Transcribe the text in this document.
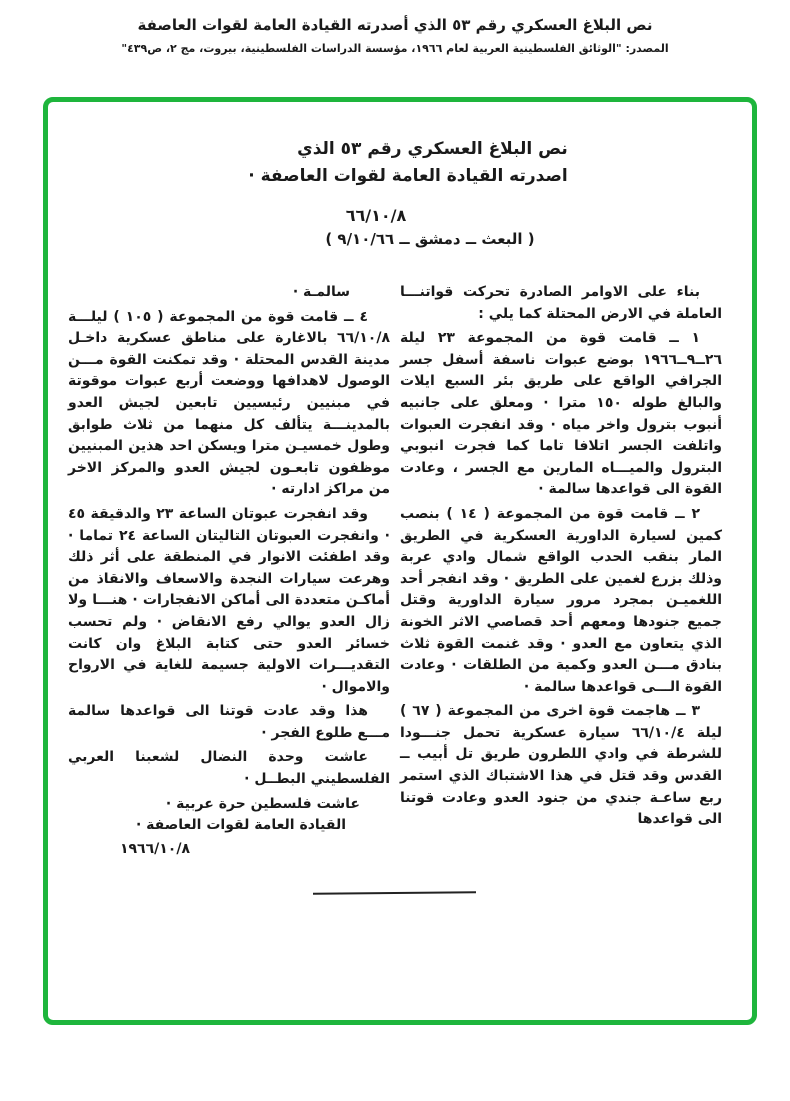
نص البلاغ العسكري رقم ٥٣ الذي أصدرته القيادة العامة لقوات العاصفة
المصدر: "الوثائق الفلسطينية العربية لعام ١٩٦٦، مؤسسة الدراسات الفلسطينية، بيروت، مج ٢، ص٤٣٩"
نص البلاغ العسكري رقم ٥٣ الذي
اصدرته القيادة العامة لقوات العاصفة ·
٦٦/١٠/٨
( البعث ــ دمشق ــ ٩/١٠/٦٦ )
بناء على الاوامر الصادرة تحركت قواتنـــا العاملة في الارض المحتلة كما يلي :
١ ــ قامت قوة من المجموعة ٢٣ ليلة ٢٦ــ٩ــ١٩٦٦ بوضع عبوات ناسفة أسفل جسر الجرافي الواقع على طريق بئر السبع ايلات والبالغ طوله ١٥٠ مترا · ومعلق على جانبيه أنبوب بترول واخر مياه · وقد انفجرت العبوات واتلفت الجسر اتلافا تاما كما فجرت انبوبي البترول والميـــاه المارين مع الجسر ، وعادت القوة الى قواعدها سالمة ·
٢ ــ قامت قوة من المجموعة ( ١٤ ) بنصب كمين لسيارة الداورية العسكرية في الطريق المار بنقب الحدب الواقع شمال وادي عربة وذلك بزرع لغمين على الطريق · وقد انفجر أحد اللغميـن بمجرد مرور سيارة الداورية وقتل جميع جنودها ومعهم أحد قصاصي الاثر الخونة الذي يتعاون مع العدو · وقد غنمت القوة ثلاث بنادق مـــن العدو وكمية من الطلقات · وعادت القوة الـــى قواعدها سالمة ·
٣ ــ هاجمت قوة اخرى من المجموعة ( ٦٧ ) ليلة ٦٦/١٠/٤ سيارة عسكرية تحمل جنـــودا للشرطة في وادي اللطرون طريق تل أبيب ــ القدس وقد قتل في هذا الاشتباك الذي استمر ربع ساعـة جندي من جنود العدو وعادت قوتنا الى قواعدها
سالمـة ·
٤ ــ قامت قوة من المجموعة ( ١٠٥ ) ليلـــة ٦٦/١٠/٨ بالاغارة على مناطق عسكرية داخـل مدينة القدس المحتلة · وقد تمكنت القوة مـــن الوصول لاهدافها ووضعت أربع عبوات موقوتة في مبنيين رئيسيين تابعين لجيش العدو بالمدينـــة يتألف كل منهما من ثلاث طوابق وطول خمسيـن مترا ويسكن احد هذين المبنيين موظفون تابعـون لجيش العدو والمركز الاخر من مراكز ادارته ·
وقد انفجرت عبوتان الساعة ٢٣ والدقيقة ٤٥ · وانفجرت العبوتان التاليتان الساعة ٢٤ تماما · وقد اطفئت الانوار في المنطقة على أثر ذلك وهرعت سيارات النجدة والاسعاف والانقاذ من أماكـن متعددة الى أماكن الانفجارات · هنـــا ولا زال العدو يوالي رفع الانقاض · ولم تحسب خسائر العدو حتى كتابة البلاغ وان كانت التقديـــرات الاولية جسيمة للغاية في الارواح والاموال ·
هذا وقد عادت قوتنا الى قواعدها سالمة مـــع طلوع الفجر ·
عاشت وحدة النضال لشعبنا العربي الفلسطيني البطــل ·
عاشت فلسطين حرة عربية ·
القيادة العامة لقوات العاصفة ·
١٩٦٦/١٠/٨
